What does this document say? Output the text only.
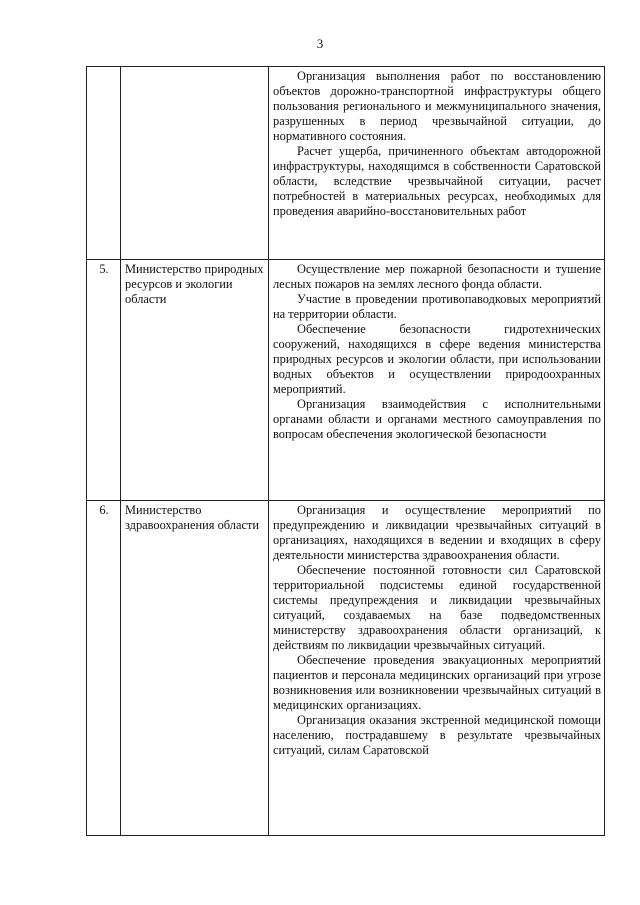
3

		Организация выполнения работ по восстановлению объектов дорожно-транспортной инфраструктуры общего пользования регионального и межмуниципального значения, разрушенных в период чрезвычайной ситуации, до нормативного состояния.

Расчет ущерба, причиненного объектам автодорожной инфраструктуры, находящимся в собственности Саратовской области, вследствие чрезвычайной ситуации, расчет потребностей в материальных ресурсах, необходимых для проведения аварийно-восстановительных работ

5.	Министерство природных ресурсов и экологии области	Осуществление мер пожарной безопасности и тушение лесных пожаров на землях лесного фонда области.

Участие в проведении противопаводковых мероприятий на территории области.

Обеспечение безопасности гидротехнических сооружений, находящихся в сфере ведения министерства природных ресурсов и экологии области, при использовании водных объектов и осуществлении природоохранных мероприятий.

Организация взаимодействия с исполнительными органами области и органами местного самоуправления по вопросам обеспечения экологической безопасности

6.	Министерство здравоохранения области	Организация и осуществление мероприятий по предупреждению и ликвидации чрезвычайных ситуаций в организациях, находящихся в ведении и входящих в сферу деятельности министерства здравоохранения области.

Обеспечение постоянной готовности сил Саратовской территориальной подсистемы единой государственной системы предупреждения и ликвидации чрезвычайных ситуаций, создаваемых на базе подведомственных министерству здравоохранения области организаций, к действиям по ликвидации чрезвычайных ситуаций.

Обеспечение проведения эвакуационных мероприятий пациентов и персонала медицинских организаций при угрозе возникновения или возникновении чрезвычайных ситуаций в медицинских организациях.

Организация оказания экстренной медицинской помощи населению, пострадавшему в результате чрезвычайных ситуаций, силам Саратовской
